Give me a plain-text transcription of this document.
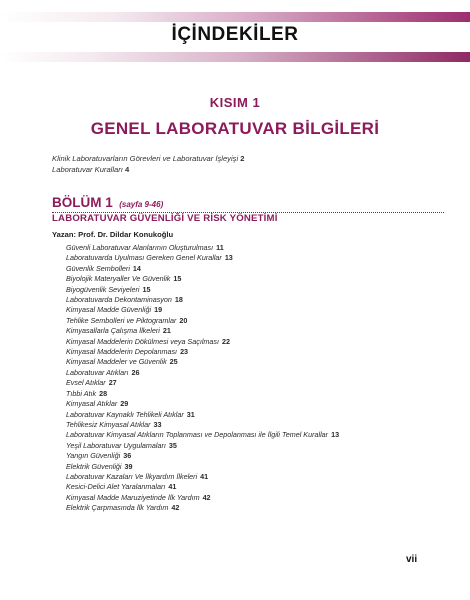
İÇİNDEKİLER
KISIM 1
GENEL LABORATUVAR BİLGİLERİ
Klinik Laboratuvarların Görevleri ve Laboratuvar İşleyişi 2
Laboratuvar Kuralları 4
BÖLÜM 1 (sayfa 9-46)
LABORATUVAR GÜVENLİĞİ VE RİSK YÖNETİMİ
Yazan: Prof. Dr. Dildar Konukoğlu
Güvenli Laboratuvar Alanlarının Oluşturulması 11
Laboratuvarda Uyulması Gereken Genel Kurallar 13
Güvenlik Sembolleri 14
Biyolojik Materyaller Ve Güvenlik 15
Biyogüvenlik Seviyeleri 15
Laboratuvarda Dekontaminasyon 18
Kimyasal Madde Güvenliği 19
Tehlike Sembolleri ve Piktogramlar 20
Kimyasallarla Çalışma İlkeleri 21
Kimyasal Maddelerin Dökülmesi veya Saçılması 22
Kimyasal Maddelerin Depolanması 23
Kimyasal Maddeler ve Güvenlik 25
Laboratuvar Atıkları 26
Evsel Atıklar 27
Tıbbi Atık 28
Kimyasal Atıklar 29
Laboratuvar Kaynaklı Tehlikeli Atıklar 31
Tehlikesiz Kimyasal Atıklar 33
Laboratuvar Kimyasal Atıkların Toplanması ve Depolanması ile İlgili Temel Kurallar 13
Yeşil Laboratuvar Uygulamaları 35
Yangın Güvenliği 36
Elektrik Güvenliği 39
Laboratuvar Kazaları Ve İlkyardım İlkeleri 41
Kesici-Delici Alet Yaralanmaları 41
Kimyasal Madde Maruziyetinde İlk Yardım 42
Elektrik Çarpmasında İlk Yardım 42
vii
